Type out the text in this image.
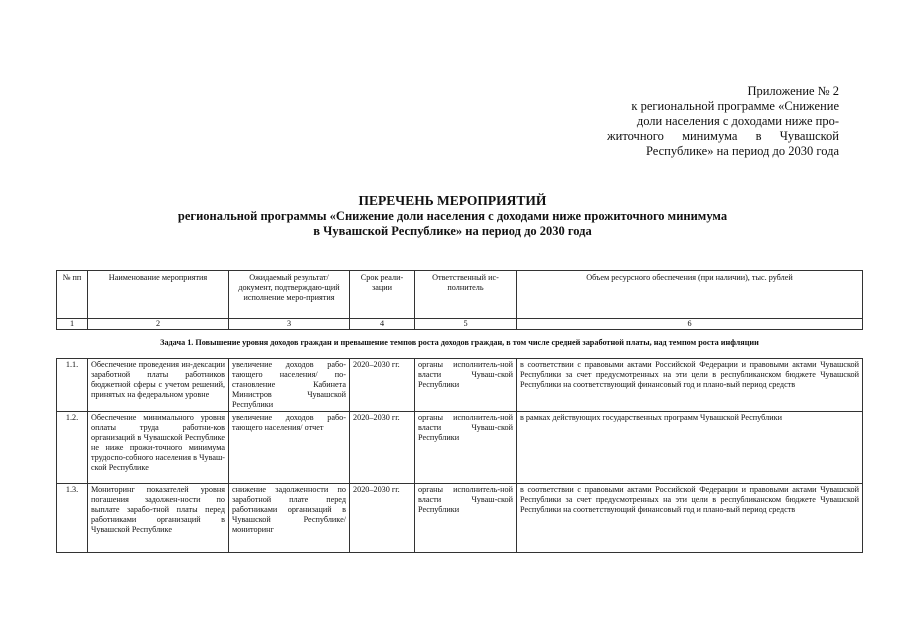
Приложение № 2
к региональной программе «Снижение
доли населения с доходами ниже про-
житочного минимума в Чувашской
Республике» на период до 2030 года
ПЕРЕЧЕНЬ МЕРОПРИЯТИЙ
региональной программы «Снижение доли населения с доходами ниже прожиточного минимума
в Чувашской Республике» на период до 2030 года
№ пп	Наименование мероприятия	Ожидаемый результат/ документ, подтверждаю-щий исполнение меро-приятия	Срок реали-зации	Ответственный ис-полнитель	Объем ресурсного обеспечения (при наличии), тыс. рублей
1	2	3	4	5	6
Задача 1. Повышение уровня доходов граждан и превышение темпов роста доходов граждан, в том числе средней заработной платы, над темпом роста инфляции					
1.1.	Обеспечение проведения ин-дексации заработной платы работников бюджетной сферы с учетом решений, принятых на федеральном уровне	увеличение доходов рабо-тающего населения/ по-становление Кабинета Министров Чувашской Республики	2020–2030 гг.	органы исполнитель-ной власти Чуваш-ской Республики	в соответствии с правовыми актами Российской Федерации и правовыми актами Чувашской Республики за счет предусмотренных на эти цели в республиканском бюджете Чувашской Республики на соответствующий финансовый год и плано-вый период средств
1.2.	Обеспечение минимального уровня оплаты труда работни-ков организаций в Чувашской Республике не ниже прожи-точного минимума трудоспо-собного населения в Чуваш-ской Республике	увеличение доходов рабо-тающего населения/ отчет	2020–2030 гг.	органы исполнитель-ной власти Чуваш-ской Республики	в рамках действующих государственных программ Чувашской Республики
1.3.	Мониторинг показателей уровня погашения задолжен-ности по выплате зарабо-тной платы перед работниками организаций в Чувашской Республике	снижение задолженности по заработной плате перед работниками организаций в Чувашской Республике/ мониторинг	2020–2030 гг.	органы исполнитель-ной власти Чуваш-ской Республики	в соответствии с правовыми актами Российской Федерации и правовыми актами Чувашской Республики за счет предусмотренных на эти цели в республиканском бюджете Чувашской Республики на соответствующий финансовый год и плано-вый период средств
